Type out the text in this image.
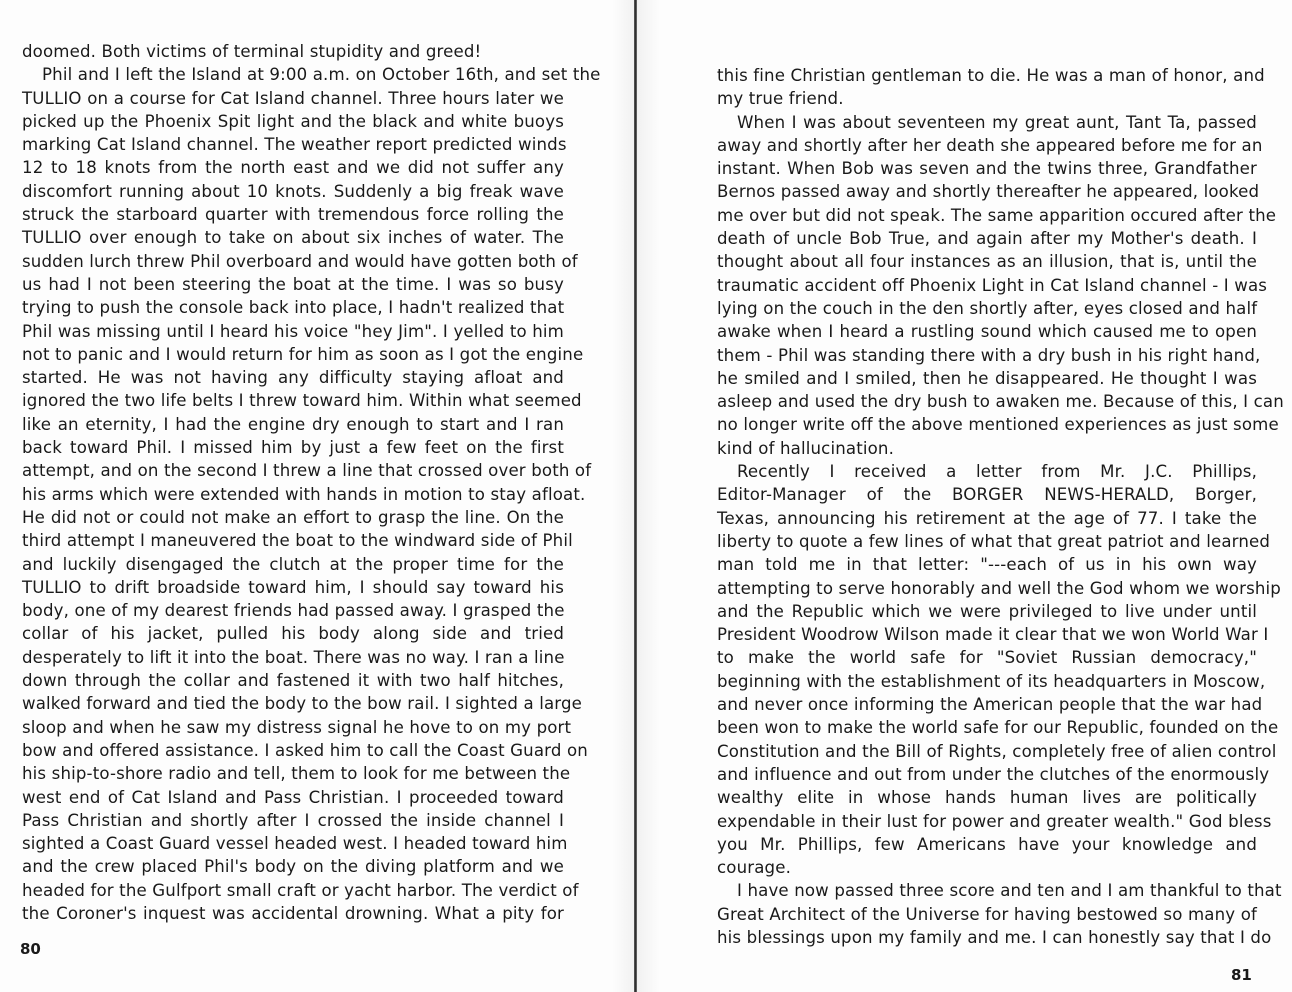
doomed. Both victims of terminal stupidity and greed!
Phil and I left the Island at 9:00 a.m. on October 16th, and set the
TULLIO on a course for Cat Island channel. Three hours later we
picked up the Phoenix Spit light and the black and white buoys
marking Cat Island channel. The weather report predicted winds
12 to 18 knots from the north east and we did not suffer any
discomfort running about 10 knots. Suddenly a big freak wave
struck the starboard quarter with tremendous force rolling the
TULLIO over enough to take on about six inches of water. The
sudden lurch threw Phil overboard and would have gotten both of
us had I not been steering the boat at the time. I was so busy
trying to push the console back into place, I hadn't realized that
Phil was missing until I heard his voice "hey Jim". I yelled to him
not to panic and I would return for him as soon as I got the engine
started. He was not having any difficulty staying afloat and
ignored the two life belts I threw toward him. Within what seemed
like an eternity, I had the engine dry enough to start and I ran
back toward Phil. I missed him by just a few feet on the first
attempt, and on the second I threw a line that crossed over both of
his arms which were extended with hands in motion to stay afloat.
He did not or could not make an effort to grasp the line. On the
third attempt I maneuvered the boat to the windward side of Phil
and luckily disengaged the clutch at the proper time for the
TULLIO to drift broadside toward him, I should say toward his
body, one of my dearest friends had passed away. I grasped the
collar of his jacket, pulled his body along side and tried
desperately to lift it into the boat. There was no way. I ran a line
down through the collar and fastened it with two half hitches,
walked forward and tied the body to the bow rail. I sighted a large
sloop and when he saw my distress signal he hove to on my port
bow and offered assistance. I asked him to call the Coast Guard on
his ship-to-shore radio and tell, them to look for me between the
west end of Cat Island and Pass Christian. I proceeded toward
Pass Christian and shortly after I crossed the inside channel I
sighted a Coast Guard vessel headed west. I headed toward him
and the crew placed Phil's body on the diving platform and we
headed for the Gulfport small craft or yacht harbor. The verdict of
the Coroner's inquest was accidental drowning. What a pity for
80
this fine Christian gentleman to die. He was a man of honor, and
my true friend.
When I was about seventeen my great aunt, Tant Ta, passed
away and shortly after her death she appeared before me for an
instant. When Bob was seven and the twins three, Grandfather
Bernos passed away and shortly thereafter he appeared, looked
me over but did not speak. The same apparition occured after the
death of uncle Bob True, and again after my Mother's death. I
thought about all four instances as an illusion, that is, until the
traumatic accident off Phoenix Light in Cat Island channel - I was
lying on the couch in the den shortly after, eyes closed and half
awake when I heard a rustling sound which caused me to open
them - Phil was standing there with a dry bush in his right hand,
he smiled and I smiled, then he disappeared. He thought I was
asleep and used the dry bush to awaken me. Because of this, I can
no longer write off the above mentioned experiences as just some
kind of hallucination.
Recently I received a letter from Mr. J.C. Phillips,
Editor-Manager of the BORGER NEWS-HERALD, Borger,
Texas, announcing his retirement at the age of 77. I take the
liberty to quote a few lines of what that great patriot and learned
man told me in that letter: "---each of us in his own way
attempting to serve honorably and well the God whom we worship
and the Republic which we were privileged to live under until
President Woodrow Wilson made it clear that we won World War I
to make the world safe for "Soviet Russian democracy,"
beginning with the establishment of its headquarters in Moscow,
and never once informing the American people that the war had
been won to make the world safe for our Republic, founded on the
Constitution and the Bill of Rights, completely free of alien control
and influence and out from under the clutches of the enormously
wealthy elite in whose hands human lives are politically
expendable in their lust for power and greater wealth." God bless
you Mr. Phillips, few Americans have your knowledge and
courage.
I have now passed three score and ten and I am thankful to that
Great Architect of the Universe for having bestowed so many of
his blessings upon my family and me. I can honestly say that I do
81
